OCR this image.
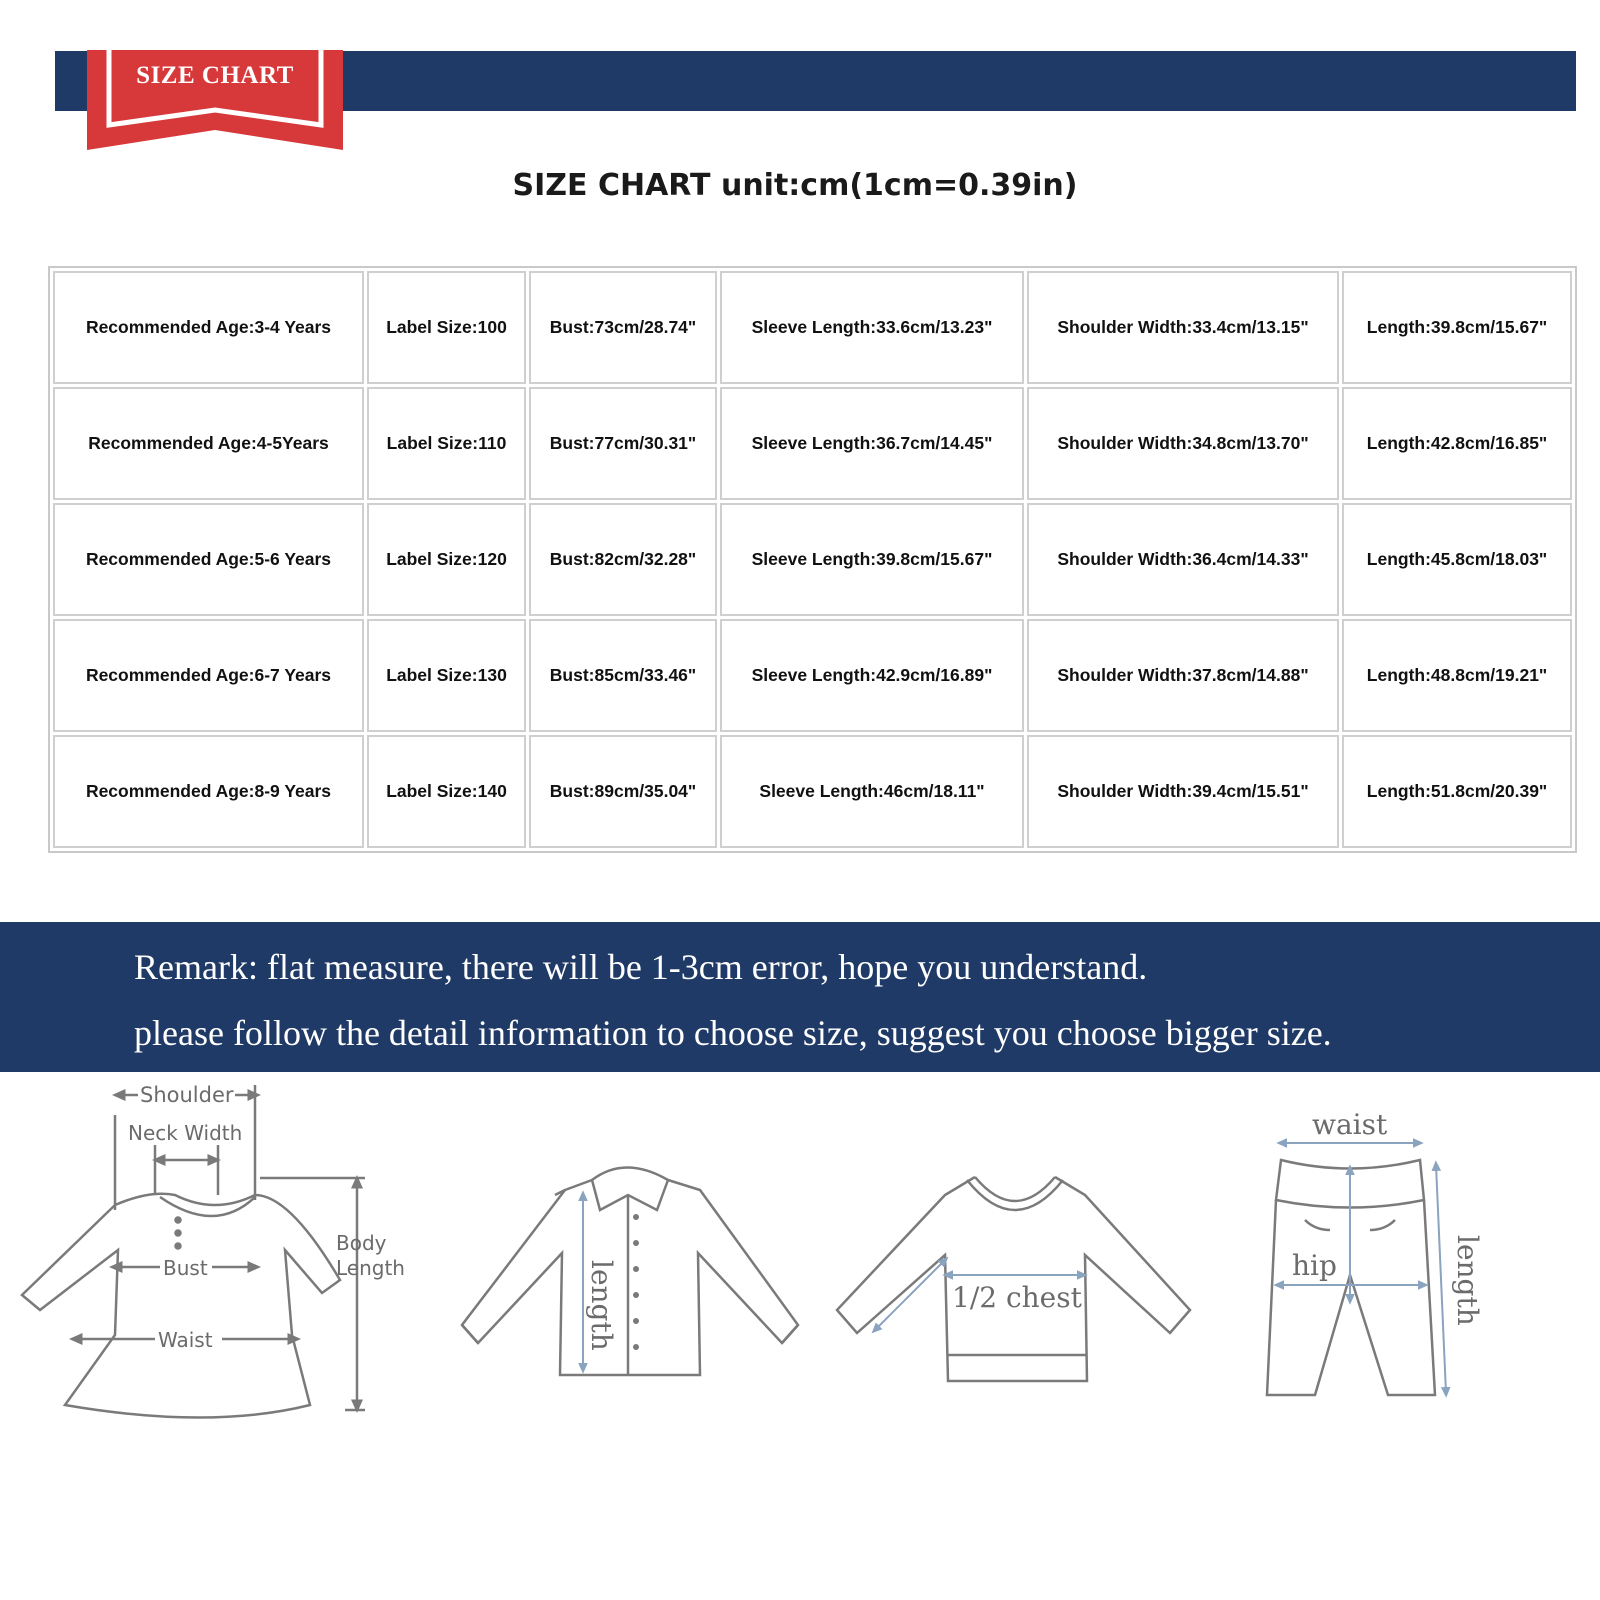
SIZE CHART
SIZE CHART unit:cm(1cm=0.39in)
Recommended Age:3-4 Years	Label Size:100	Bust:73cm/28.74"	Sleeve Length:33.6cm/13.23"	Shoulder Width:33.4cm/13.15"	Length:39.8cm/15.67"
Recommended Age:4-5Years	Label Size:110	Bust:77cm/30.31"	Sleeve Length:36.7cm/14.45"	Shoulder Width:34.8cm/13.70"	Length:42.8cm/16.85"
Recommended Age:5-6 Years	Label Size:120	Bust:82cm/32.28"	Sleeve Length:39.8cm/15.67"	Shoulder Width:36.4cm/14.33"	Length:45.8cm/18.03"
Recommended Age:6-7 Years	Label Size:130	Bust:85cm/33.46"	Sleeve Length:42.9cm/16.89"	Shoulder Width:37.8cm/14.88"	Length:48.8cm/19.21"
Recommended Age:8-9 Years	Label Size:140	Bust:89cm/35.04"	Sleeve Length:46cm/18.11"	Shoulder Width:39.4cm/15.51"	Length:51.8cm/20.39"
Remark: flat measure, there will be 1-3cm error, hope you understand.
please follow the detail information to choose size, suggest you choose bigger size.
Shoulder
Neck Width
Bust
Waist
Body
Length	length	1/2 chest
waist
hip	length
